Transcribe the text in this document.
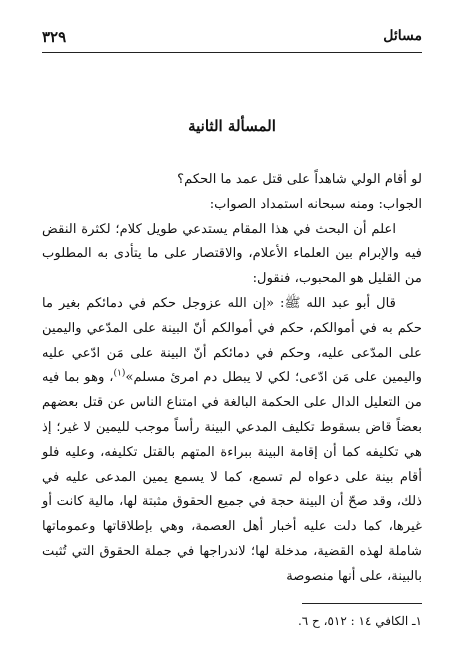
٣٢٩	مسائل
المسألة الثانية

لو أقام الولي شاهداً على قتل عمد ما الحكم؟

الجواب: ومنه سبحانه استمداد الصواب:

اعلم أن البحث في هذا المقام يستدعي طويل كلام؛ لكثرة النقض فيه والإبرام بين العلماء الأعلام، والاقتصار على ما يتأدى به المطلوب من القليل هو المحبوب، فنقول:

قال أبو عبد الله ﷺ: «إن الله عزوجل حكم في دمائكم بغير ما حكم به في أموالكم، حكم في أموالكم أنّ البينة على المدّعي واليمين على المدّعى عليه، وحكم في دمائكم أنّ البينة على مَن ادّعي عليه واليمين على مَن ادّعى؛ لكي لا يبطل دم امرئ مسلم»$^{(١)}$، وهو بما فيه من التعليل الدال على الحكمة البالغة في امتناع الناس عن قتل بعضهم بعضاً قاض بسقوط تكليف المدعي البينة رأساً موجب لليمين لا غير؛ إذ هي تكليفه كما أن إقامة البينة ببراءة المتهم بالقتل تكليفه، وعليه فلو أقام بينة على دعواه لم تسمع، كما لا يسمع يمين المدعى عليه في ذلك، وقد صحّ أن البينة حجة في جميع الحقوق مثبتة لها، مالية كانت أو غيرها، كما دلت عليه أخبار أهل العصمة، وهي بإطلاقاتها وعموماتها شاملة لهذه القضية، مدخلة لها؛ لاندراجها في جملة الحقوق التي تُثبت بالبينة، على أنها منصوصة

١ـ الكافي ١٤ : ٥١٢، ح ٦.
